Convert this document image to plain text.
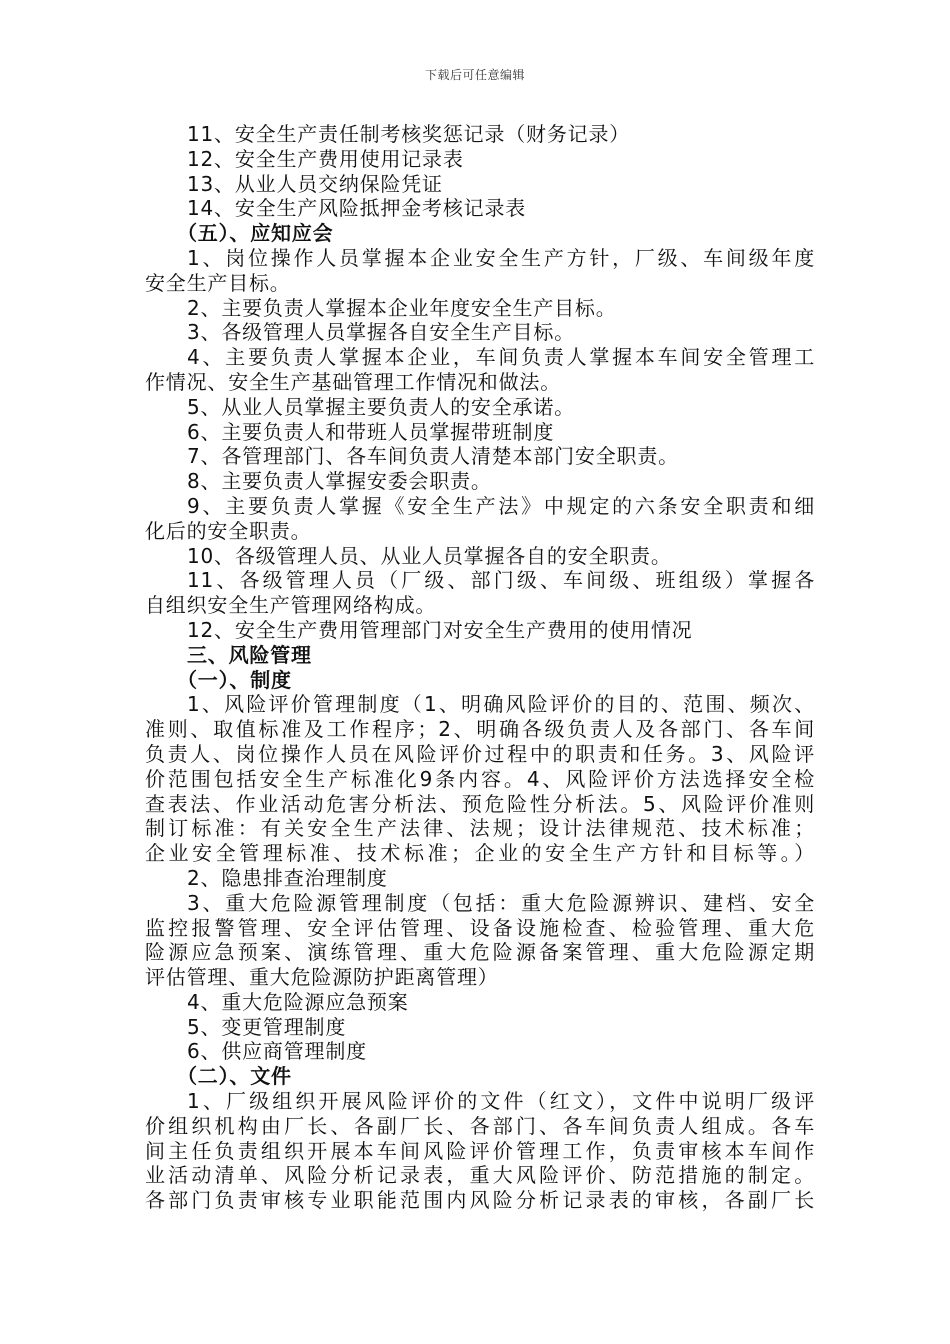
下载后可任意编辑
11、安全生产责任制考核奖惩记录（财务记录）
12、安全生产费用使用记录表
13、从业人员交纳保险凭证
14、安全生产风险抵押金考核记录表
（五）、应知应会
1、岗位操作人员掌握本企业安全生产方针，厂级、车间级年度
安全生产目标。
2、主要负责人掌握本企业年度安全生产目标。
3、各级管理人员掌握各自安全生产目标。
4、主要负责人掌握本企业，车间负责人掌握本车间安全管理工
作情况、安全生产基础管理工作情况和做法。
5、从业人员掌握主要负责人的安全承诺。
6、主要负责人和带班人员掌握带班制度
7、各管理部门、各车间负责人清楚本部门安全职责。
8、主要负责人掌握安委会职责。
9、主要负责人掌握《安全生产法》中规定的六条安全职责和细
化后的安全职责。
10、各级管理人员、从业人员掌握各自的安全职责。
11、各级管理人员（厂级、部门级、车间级、班组级）掌握各
自组织安全生产管理网络构成。
12、安全生产费用管理部门对安全生产费用的使用情况
三、风险管理
（一）、制度
1、风险评价管理制度（1、明确风险评价的目的、范围、频次、
准则、取值标准及工作程序；2、明确各级负责人及各部门、各车间
负责人、岗位操作人员在风险评价过程中的职责和任务。3、风险评
价范围包括安全生产标准化9条内容。4、风险评价方法选择安全检
查表法、作业活动危害分析法、预危险性分析法。5、风险评价准则
制订标准：有关安全生产法律、法规；设计法律规范、技术标准；
企业安全管理标准、技术标准；企业的安全生产方针和目标等。）
2、隐患排查治理制度
3、重大危险源管理制度（包括：重大危险源辨识、建档、安全
监控报警管理、安全评估管理、设备设施检查、检验管理、重大危
险源应急预案、演练管理、重大危险源备案管理、重大危险源定期
评估管理、重大危险源防护距离管理）
4、重大危险源应急预案
5、变更管理制度
6、供应商管理制度
（二）、文件
1、厂级组织开展风险评价的文件（红文），文件中说明厂级评
价组织机构由厂长、各副厂长、各部门、各车间负责人组成。各车
间主任负责组织开展本车间风险评价管理工作，负责审核本车间作
业活动清单、风险分析记录表，重大风险评价、防范措施的制定。
各部门负责审核专业职能范围内风险分析记录表的审核，各副厂长
